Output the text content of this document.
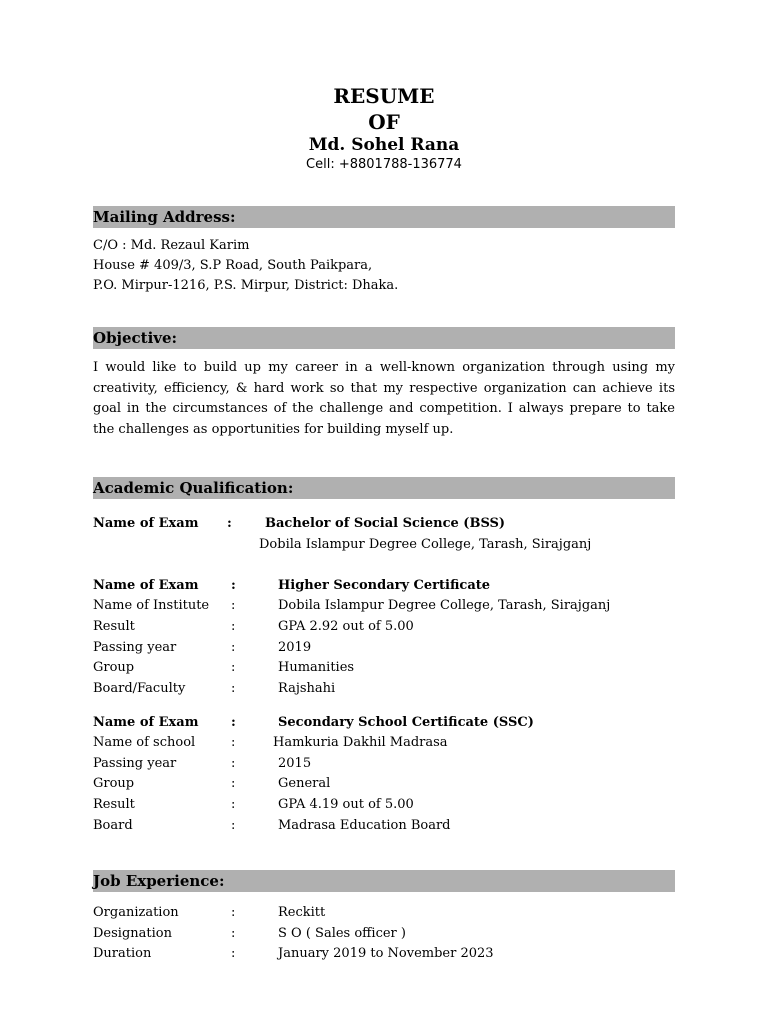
RESUME
OF
Md. Sohel Rana
Cell: +8801788-136774
Mailing Address:
C/O : Md. Rezaul Karim
House # 409/3, S.P Road, South Paikpara,
P.O. Mirpur-1216, P.S. Mirpur, District: Dhaka.
Objective:
I would like to build up my career in a well-known organization through using my creativity, efficiency, & hard work so that my respective organization can achieve its goal in the circumstances of the challenge and competition. I always prepare to take the challenges as opportunities for building myself up.
Academic Qualification:
Name of Exam :	Bachelor of Social Science (BSS)
Dobila Islampur Degree College, Tarash, Sirajganj
Name of Exam	:	Higher Secondary Certificate
Name of Institute :	Dobila Islampur Degree College, Tarash, Sirajganj
Result	:	GPA 2.92 out of 5.00
Passing year	:	2019
Group	:	Humanities
Board/Faculty	:	Rajshahi
Name of Exam	:	Secondary School Certificate (SSC)
Name of school	:	Hamkuria Dakhil Madrasa
Passing year	:	2015
Group	:	General
Result	:	GPA 4.19 out of 5.00
Board	:	Madrasa Education Board
Job Experience:
Organization	:	Reckitt
Designation	:	S O ( Sales officer )
Duration	:	January 2019 to November 2023
